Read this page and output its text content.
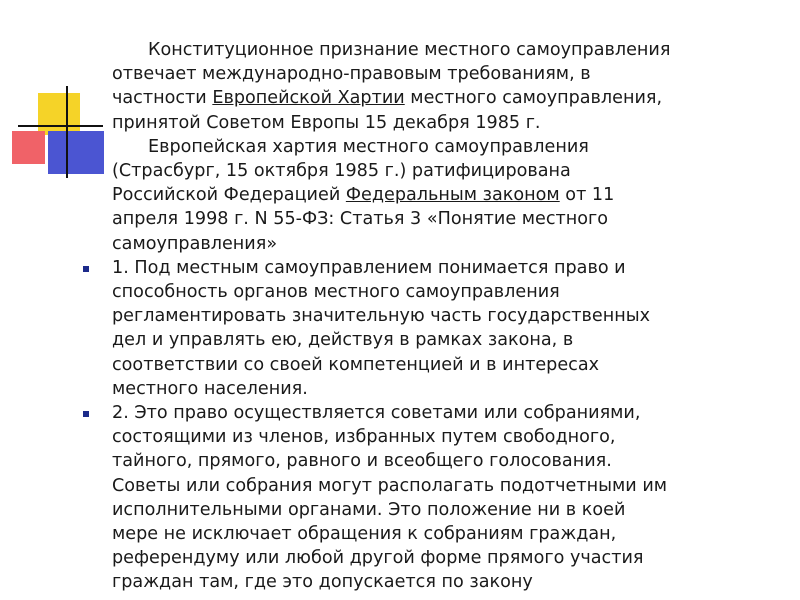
Конституционное признание местного самоуправления
отвечает международно-правовым требованиям, в
частности Европейской Хартии местного самоуправления,
принятой Советом Европы 15 декабря 1985 г.
Европейская хартия местного самоуправления
(Страсбург, 15 октября 1985 г.) ратифицирована
Российской Федерацией Федеральным законом от 11
апреля 1998 г. N 55-ФЗ: Статья 3 «Понятие местного
самоуправления»
1. Под местным самоуправлением понимается право и
способность органов местного самоуправления
регламентировать значительную часть государственных
дел и управлять ею, действуя в рамках закона, в
соответствии со своей компетенцией и в интересах
местного населения.
2. Это право осуществляется советами или собраниями,
состоящими из членов, избранных путем свободного,
тайного, прямого, равного и всеобщего голосования.
Советы или собрания могут располагать подотчетными им
исполнительными органами. Это положение ни в коей
мере не исключает обращения к собраниям граждан,
референдуму или любой другой форме прямого участия
граждан там, где это допускается по закону
